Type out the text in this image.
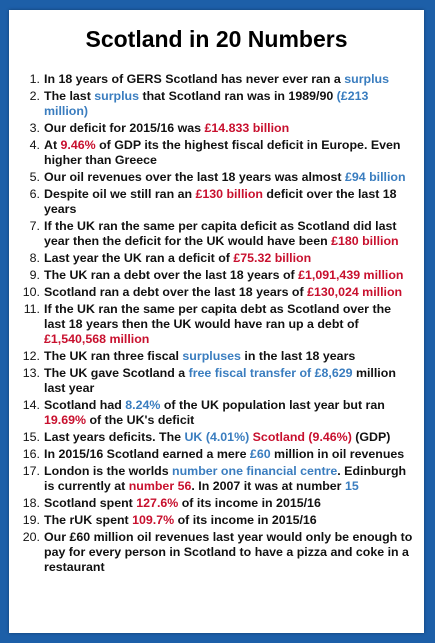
Scotland in 20 Numbers
1. In 18 years of GERS Scotland has never ever ran a surplus
2. The last surplus that Scotland ran was in 1989/90 (£213 million)
3. Our deficit for 2015/16 was £14.833 billion
4. At 9.46% of GDP its the highest fiscal deficit in Europe. Even higher than Greece
5. Our oil revenues over the last 18 years was almost £94 billion
6. Despite oil we still ran an £130 billion deficit over the last 18 years
7. If the UK ran the same per capita deficit as Scotland did last year then the deficit for the UK would have been £180 billion
8. Last year the UK ran a deficit of £75.32 billion
9. The UK ran a debt over the last 18 years of £1,091,439 million
10. Scotland ran a debt over the last 18 years of £130,024 million
11. If the UK ran the same per capita debt as Scotland over the last 18 years then the UK would have ran up a debt of £1,540,568 million
12. The UK ran three fiscal surpluses in the last 18 years
13. The UK gave Scotland a free fiscal transfer of £8,629 million last year
14. Scotland had 8.24% of the UK population last year but ran 19.69% of the UK's deficit
15. Last years deficits. The UK (4.01%) Scotland (9.46%) (GDP)
16. In 2015/16 Scotland earned a mere £60 million in oil revenues
17. London is the worlds number one financial centre. Edinburgh is currently at number 56. In 2007 it was at number 15
18. Scotland spent 127.6% of its income in 2015/16
19. The rUK spent 109.7% of its income in 2015/16
20. Our £60 million oil revenues last year would only be enough to pay for every person in Scotland to have a pizza and coke in a restaurant
